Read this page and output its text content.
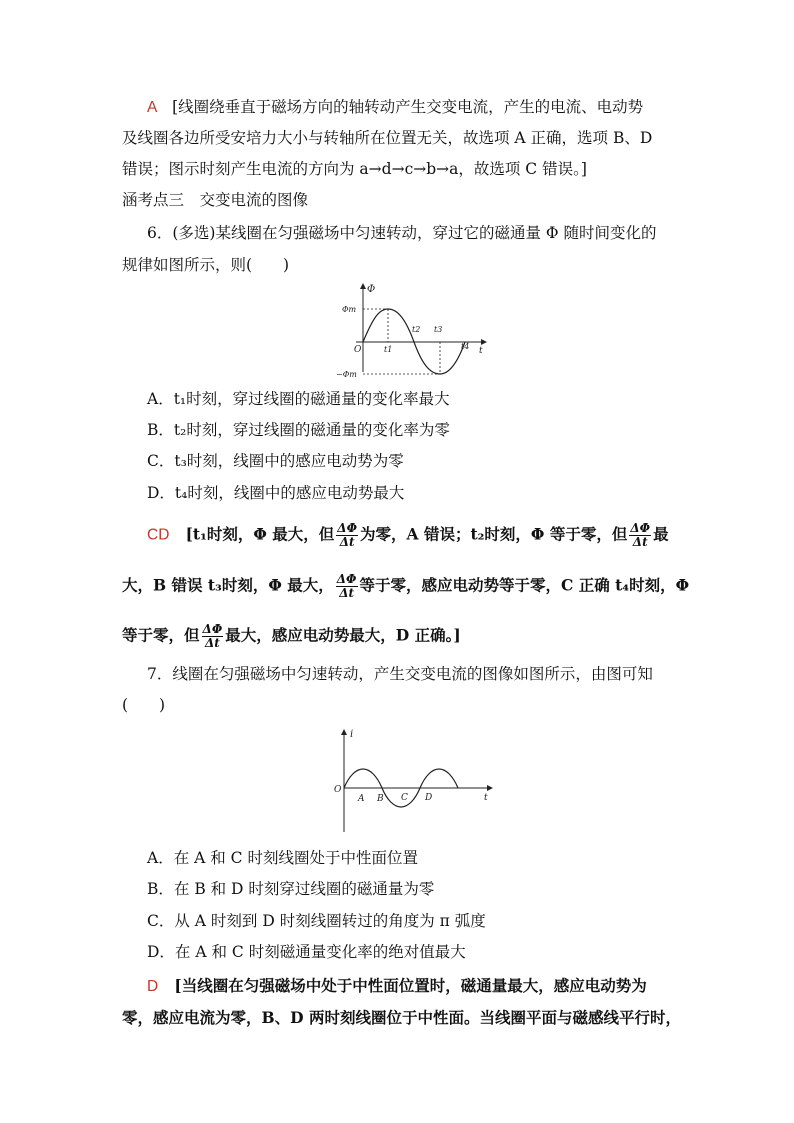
A [线圈绕垂直于磁场方向的轴转动产生交变电流，产生的电流、电动势
及线圈各边所受安培力大小与转轴所在位置无关，故选项 A 正确，选项 B、D
错误；图示时刻产生电流的方向为 a→d→c→b→a，故选项 C 错误。]
涵考点三　交变电流的图像
6．(多选)某线圈在匀强磁场中匀速转动，穿过它的磁通量 Φ 随时间变化的
规律如图所示，则(　　)
Φ
t
O
Φm
−Φm
t1
t2 t3
t4
A．t₁时刻，穿过线圈的磁通量的变化率最大
B．t₂时刻，穿过线圈的磁通量的变化率为零
C．t₃时刻，线圈中的感应电动势为零
D．t₄时刻，线圈中的感应电动势最大
CD [t₁时刻，Φ 最大，但 $\frac{\Delta\Phi}{\Delta t}$ 为零，A 错误；t₂时刻，Φ 等于零，但 $\frac{\Delta\Phi}{\Delta t}$ 最
大，B 错误 t₃时刻，Φ 最大， $\frac{\Delta\Phi}{\Delta t}$ 等于零，感应电动势等于零，C 正确 t₄时刻，Φ
等于零，但 $\frac{\Delta\Phi}{\Delta t}$ 最大，感应电动势最大，D 正确。]
7．线圈在匀强磁场中匀速转动，产生交变电流的图像如图所示，由图可知
(　　)
i
t
O
A B C D
A．在 A 和 C 时刻线圈处于中性面位置
B．在 B 和 D 时刻穿过线圈的磁通量为零
C．从 A 时刻到 D 时刻线圈转过的角度为 π 弧度
D．在 A 和 C 时刻磁通量变化率的绝对值最大
D [当线圈在匀强磁场中处于中性面位置时，磁通量最大，感应电动势为
零，感应电流为零，B、D 两时刻线圈位于中性面。当线圈平面与磁感线平行时，
